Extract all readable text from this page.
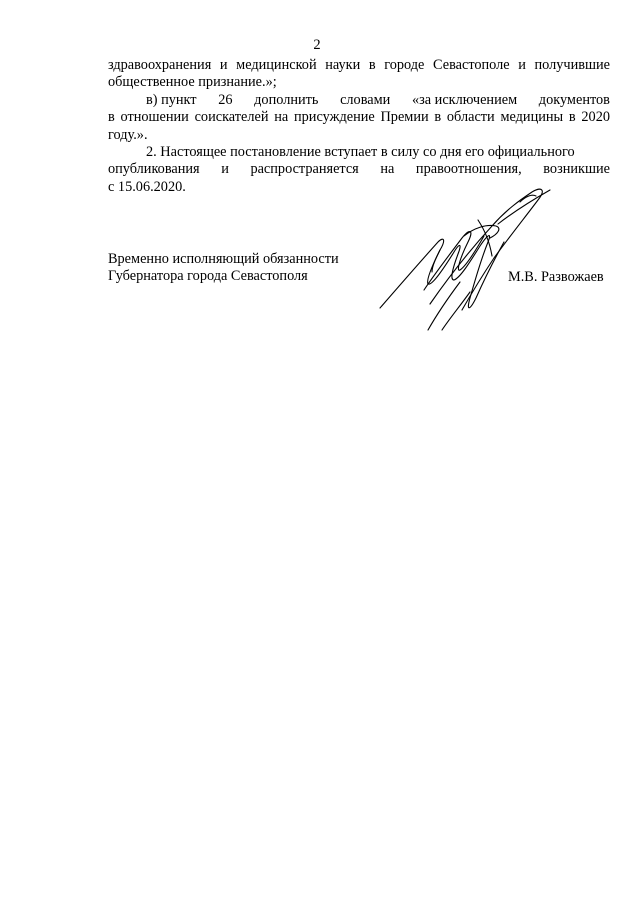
2
здравоохранения и медицинской науки в городе Севастополе и получившие

общественное признание.»;

в) пункт 26 дополнить словами «за исключением документов

в отношении соискателей на присуждение Премии в области медицины в 2020 году.».

2. Настоящее постановление вступает в силу со дня его официального

опубликования и распространяется на правоотношения, возникшие

с 15.06.2020.

Временно исполняющий обязанности
Губернатора города Севастополя	М.В. Развожаев
